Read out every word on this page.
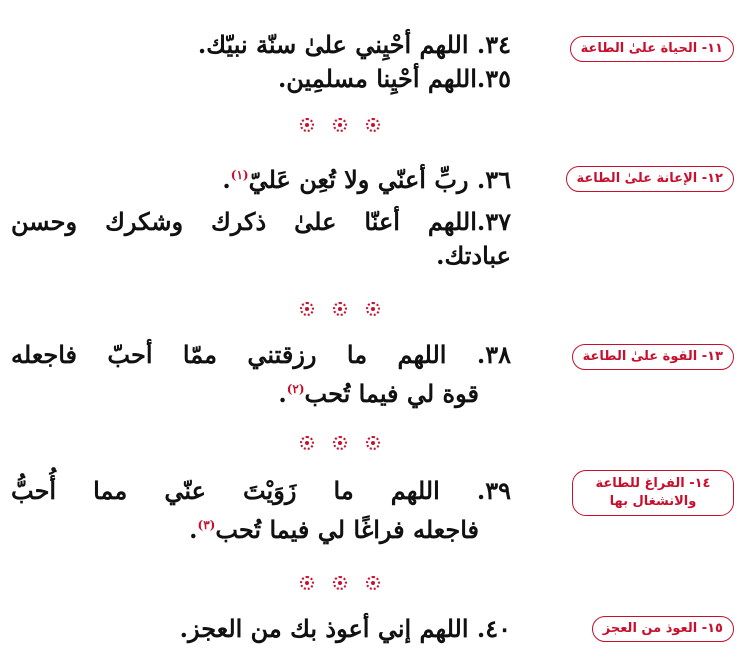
١١- الحياة علىٰ الطاعة
٣٤. اللهم أحْيِني علىٰ سنّة نبيّك.
٣٥.اللهم أحْيِنا مسلمِين.
١٢- الإعانة علىٰ الطاعة
٣٦. ربِّ أعنّي ولا تُعِن عَليّ$^{(١)}$.
٣٧.اللهم أعنّا علىٰ ذكرك وشكرك وحسن
عبادتك.
١٣- القوة علىٰ الطاعة
٣٨. اللهم ما رزقتني ممّا أحبّ فاجعله
قوة لي فيما تُحب$^{(٢)}$.
١٤- الفراغ للطاعة والانشغال بها
٣٩. اللهم ما زَوَيْتَ عنّي مما أُحبُّ
فاجعله فراغًا لي فيما تُحب$^{(٣)}$.
١٥- العوذ من العجز
٤٠. اللهم إني أعوذ بك من العجز.
